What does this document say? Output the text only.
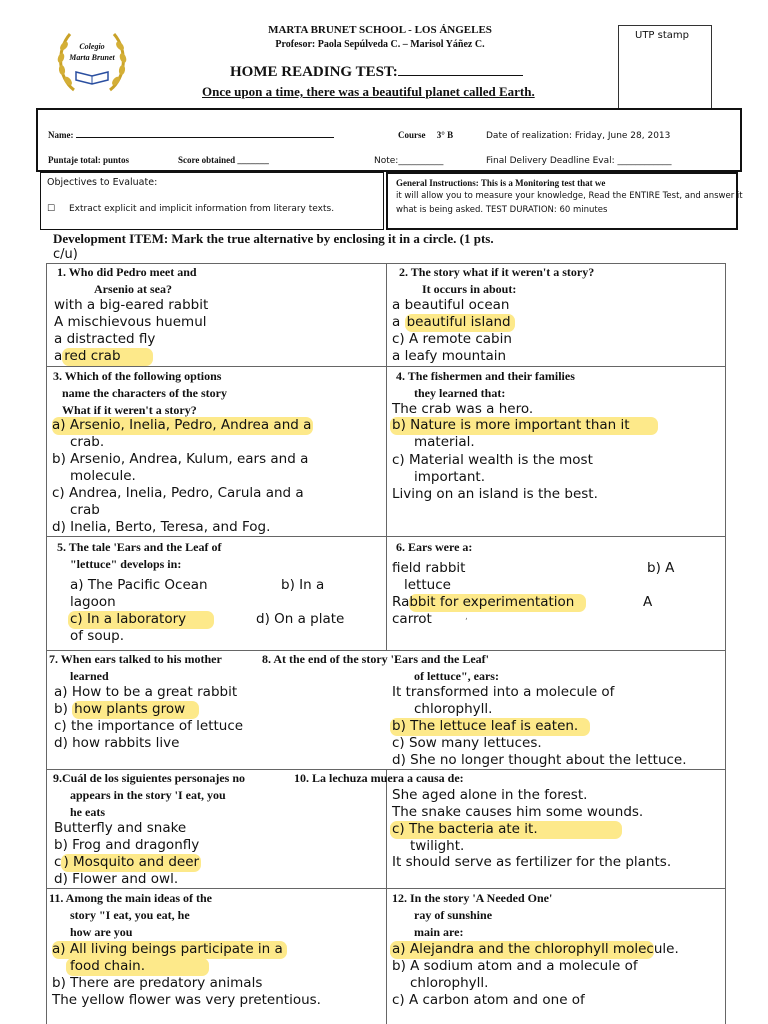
Colegio
Marta Brunet
MARTA BRUNET SCHOOL - LOS ÁNGELES
Profesor: Paola Sepúlveda C. – Marisol Yáñez C.
UTP stamp
HOME READING TEST:
Once upon a time, there was a beautiful planet called Earth.
Name:	Course 3° B	Date of realization: Friday, June 28, 2013
Puntaje total: puntos	Score obtained _______	Note:__________	Final Delivery Deadline Eval: ____________
Objectives to Evaluate:
☐ Extract explicit and implicit information from literary texts.
General Instructions: This is a Monitoring test that we
it will allow you to measure your knowledge, Read the ENTIRE Test, and answer it
what is being asked. TEST DURATION: 60 minutes
Development ITEM: Mark the true alternative by enclosing it in a circle. (1 pts.
c/u)
1. Who did Pedro meet and
Arsenio at sea?
with a big-eared rabbit
A mischievous huemul
a distracted fly
a red crab
2. The story what if it weren't a story?
It occurs in about:
a beautiful ocean
a beautiful island
c) A remote cabin
a leafy mountain
3. Which of the following options
name the characters of the story
What if it weren't a story?
a) Arsenio, Inelia, Pedro, Andrea and a
crab.
b) Arsenio, Andrea, Kulum, ears and a
molecule.
c) Andrea, Inelia, Pedro, Carula and a
crab
d) Inelia, Berto, Teresa, and Fog.
4. The fishermen and their families
they learned that:
The crab was a hero.
b) Nature is more important than it
material.
c) Material wealth is the most
important.
Living on an island is the best.
5. The tale 'Ears and the Leaf of
"lettuce" develops in:
a) The Pacific Ocean	b) In a
lagoon
c) In a laboratory	d) On a plate
of soup.
6. Ears were a:
field rabbit	b) A
lettuce
Rabbit for experimentation	A
carrot	,
7. When ears talked to his mother
learned
a) How to be a great rabbit
b) how plants grow
c) the importance of lettuce
d) how rabbits live
8. At the end of the story 'Ears and the Leaf'
of lettuce", ears:
It transformed into a molecule of
chlorophyll.
b) The lettuce leaf is eaten.
c) Sow many lettuces.
d) She no longer thought about the lettuce.
9.Cuál de los siguientes personajes no
appears in the story 'I eat, you
he eats
Butterfly and snake
b) Frog and dragonfly
c ) Mosquito and deer
d) Flower and owl.
10. La lechuza muera a causa de:
She aged alone in the forest.
The snake causes him some wounds.
c) The bacteria ate it.
twilight.
It should serve as fertilizer for the plants.
11. Among the main ideas of the
story "I eat, you eat, he
how are you
a) All living beings participate in a
food chain.
b) There are predatory animals
The yellow flower was very pretentious.
12. In the story 'A Needed One'
ray of sunshine
main are:
a) Alejandra and the chlorophyll molecule.
b) A sodium atom and a molecule of
chlorophyll.
c) A carbon atom and one of
